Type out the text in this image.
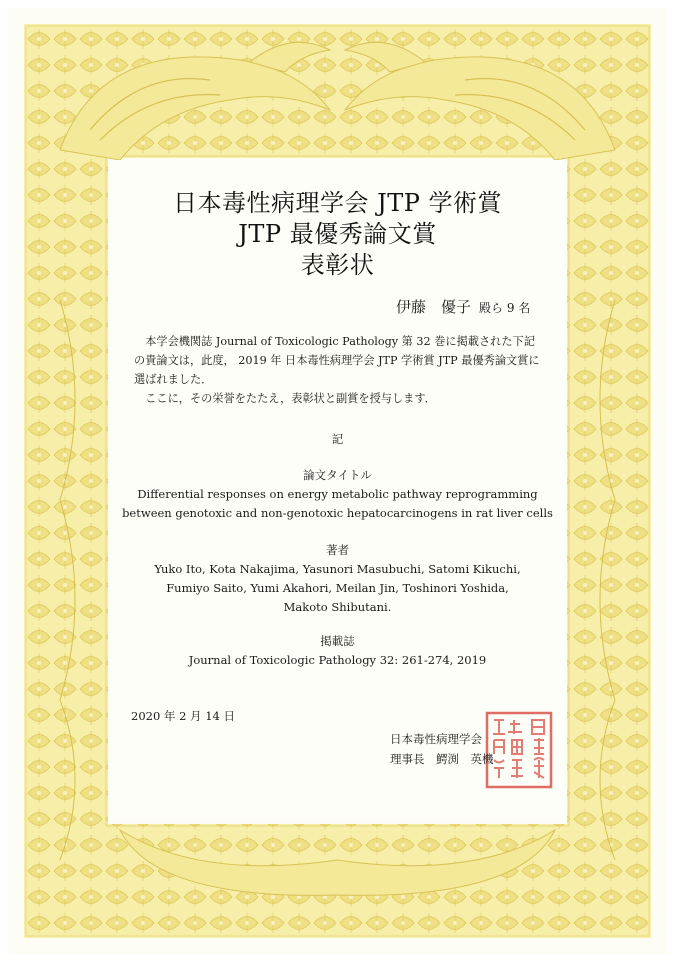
日本毒性病理学会 JTP 学術賞
JTP 最優秀論文賞
表彰状
伊藤　優子 殿ら 9 名

本学会機関誌 Journal of Toxicologic Pathology 第 32 巻に掲載された下記の貴論文は，此度， 2019 年 日本毒性病理学会 JTP 学術賞 JTP 最優秀論文賞に選ばれました．

ここに，その栄誉をたたえ，表彰状と副賞を授与します．

記

論文タイトル

Differential responses on energy metabolic pathway reprogramming

between genotoxic and non-genotoxic hepatocarcinogens in rat liver cells

著者

Yuko Ito, Kota Nakajima, Yasunori Masubuchi, Satomi Kikuchi,

Fumiyo Saito, Yumi Akahori, Meilan Jin, Toshinori Yoshida,

Makoto Shibutani.

掲載誌

Journal of Toxicologic Pathology 32: 261-274, 2019

2020 年 2 月 14 日
日本毒性病理学会
理事長　鰐渕　英機
